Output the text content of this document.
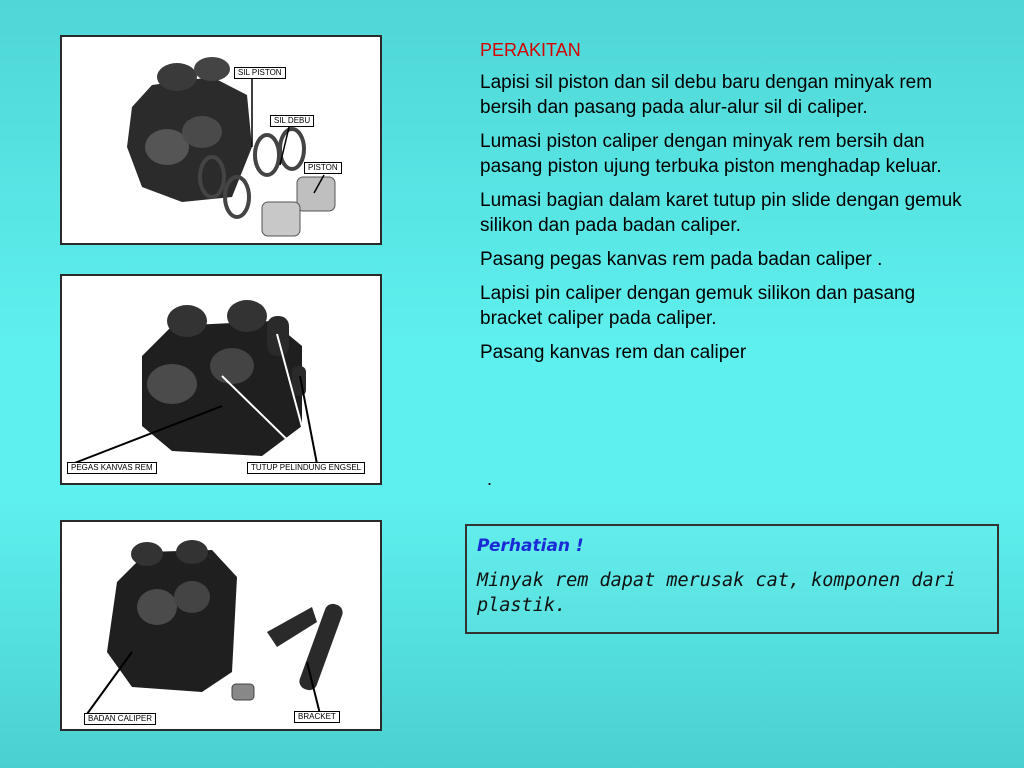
SIL PISTON
SIL DEBU
PISTON
PEGAS KANVAS REM	TUTUP PELINDUNG ENGSEL
BADAN CALIPER	BRACKET

PERAKITAN

Lapisi sil piston dan sil debu baru dengan minyak rem bersih dan pasang pada alur-alur sil di caliper.

Lumasi piston caliper dengan minyak rem bersih dan pasang piston ujung terbuka piston menghadap keluar.

Lumasi bagian dalam karet tutup pin slide dengan gemuk silikon dan pada badan caliper.

Pasang pegas kanvas rem pada badan caliper .

Lapisi pin caliper dengan gemuk silikon dan pasang bracket caliper pada caliper.

Pasang kanvas rem dan caliper

.

Perhatian !

Minyak rem dapat merusak cat, komponen dari plastik.
